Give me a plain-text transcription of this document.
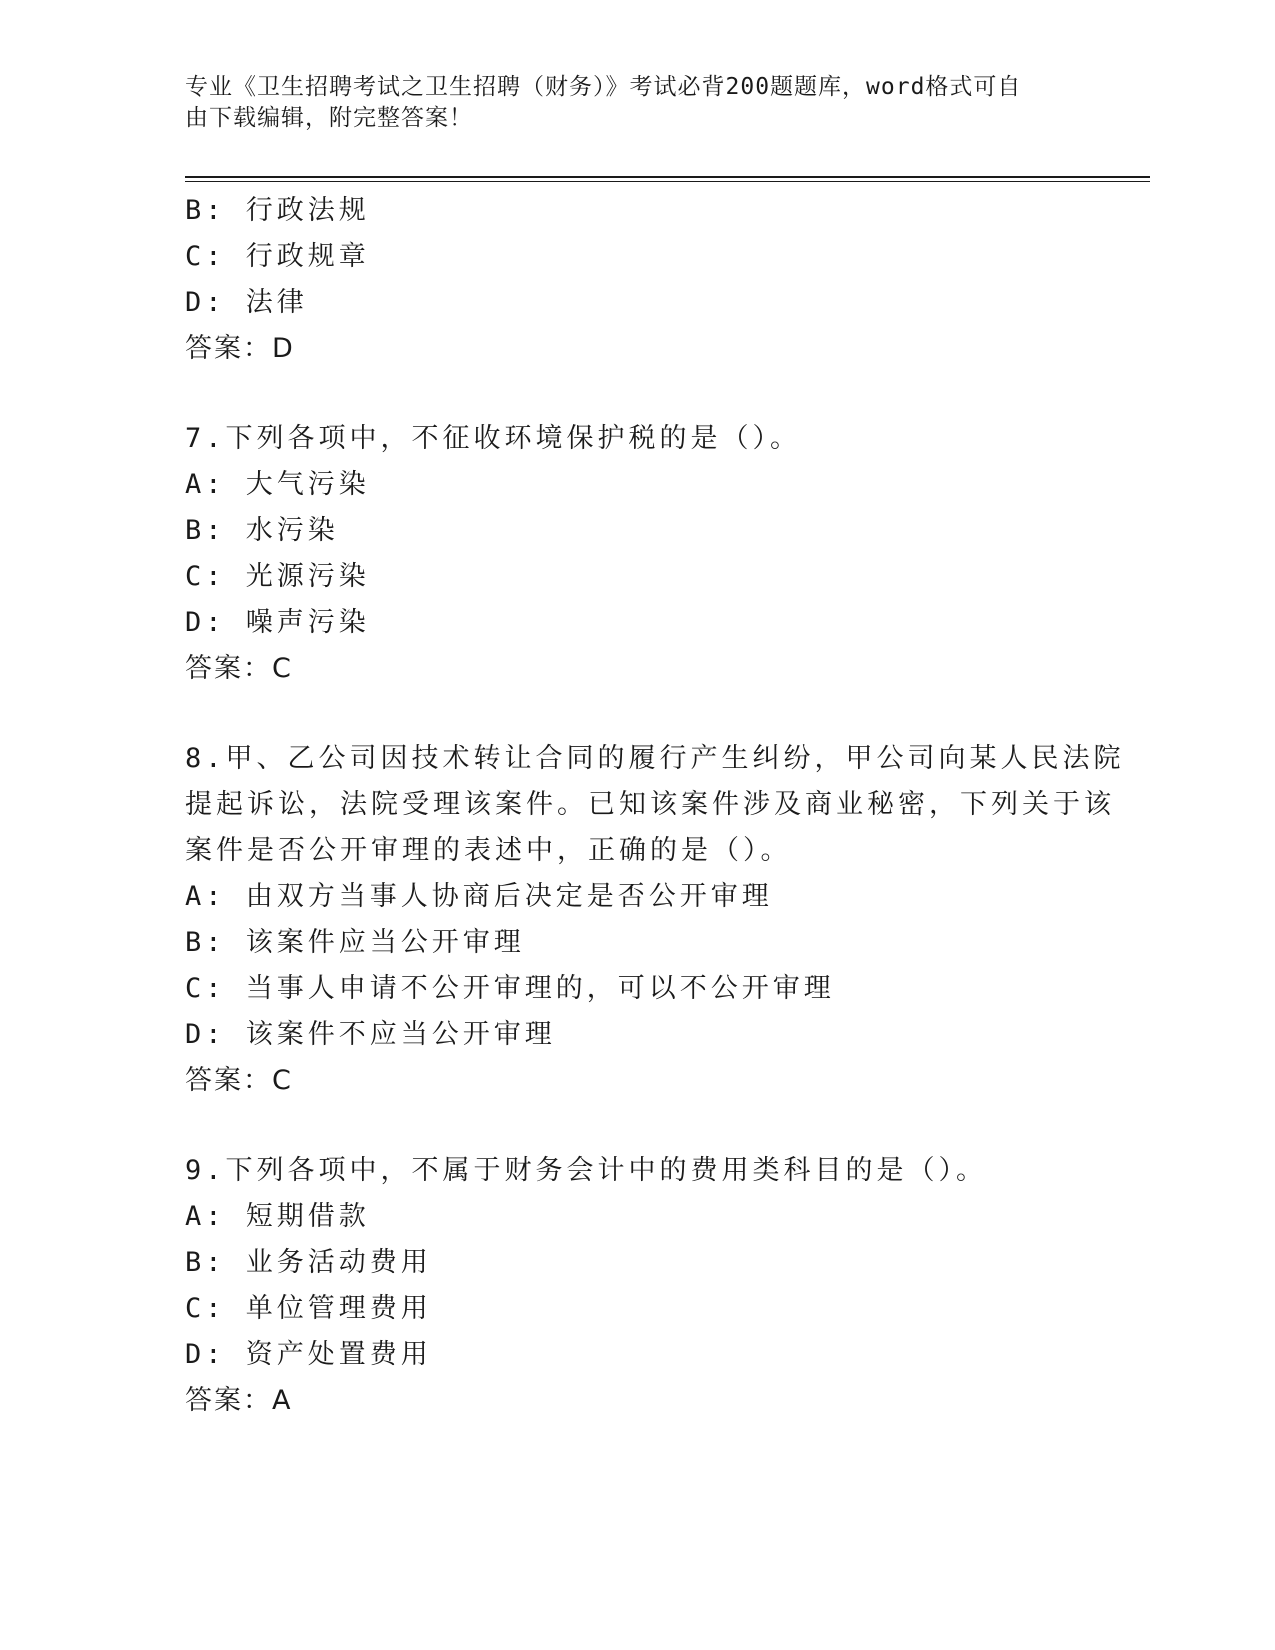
专业《卫生招聘考试之卫生招聘（财务）》考试必背200题题库，word格式可自
由下载编辑，附完整答案！
B: 行政法规
C: 行政规章
D: 法律
答案：D
7.下列各项中，不征收环境保护税的是（）。
A: 大气污染
B: 水污染
C: 光源污染
D: 噪声污染
答案：C
8.甲、乙公司因技术转让合同的履行产生纠纷，甲公司向某人民法院
提起诉讼，法院受理该案件。已知该案件涉及商业秘密，下列关于该
案件是否公开审理的表述中，正确的是（）。
A: 由双方当事人协商后决定是否公开审理
B: 该案件应当公开审理
C: 当事人申请不公开审理的，可以不公开审理
D: 该案件不应当公开审理
答案：C
9.下列各项中，不属于财务会计中的费用类科目的是（）。
A: 短期借款
B: 业务活动费用
C: 单位管理费用
D: 资产处置费用
答案：A
